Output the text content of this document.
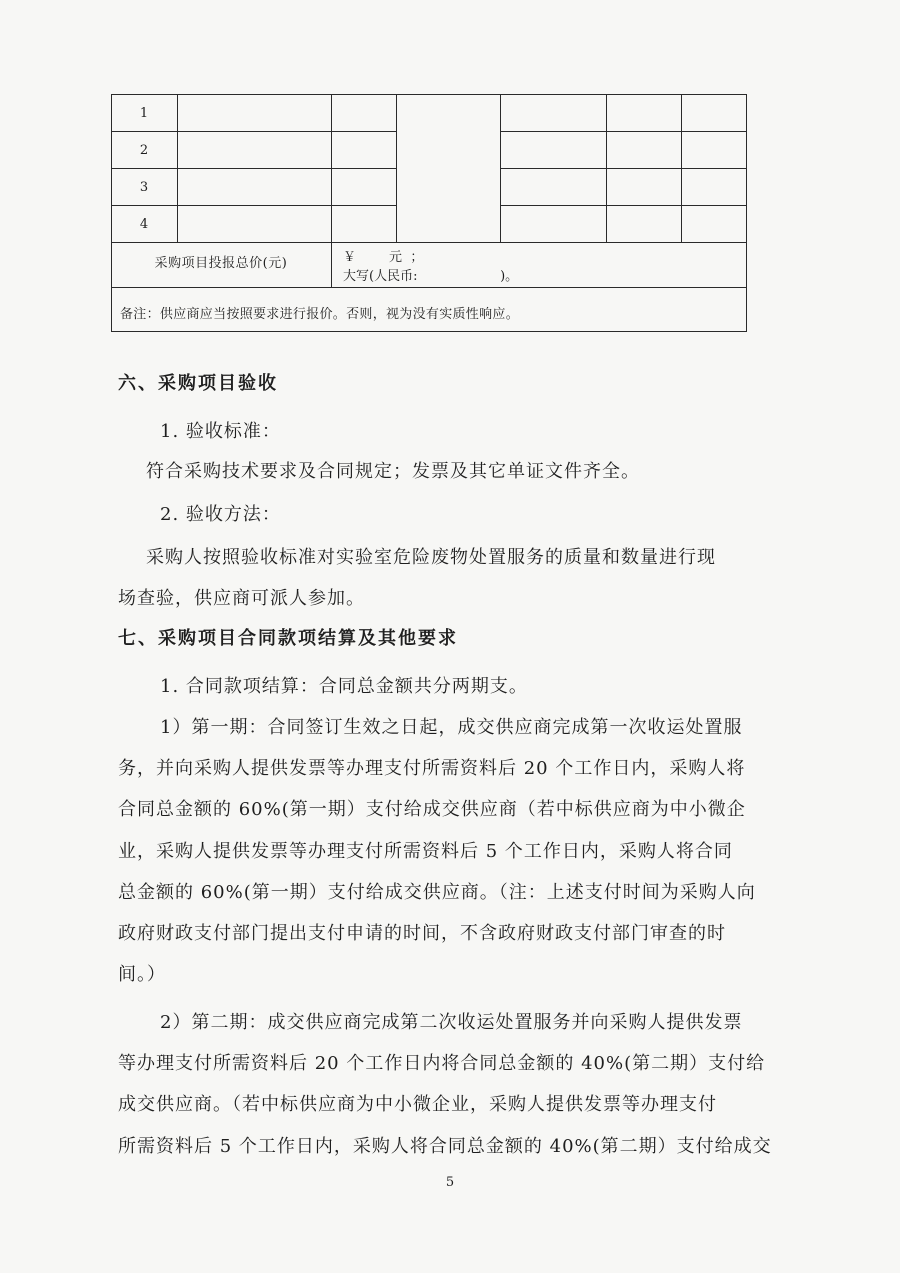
1
2
3
4
采购项目投报总价(元)	￥        元  ；
大写(人民币:                    )。
备注：供应商应当按照要求进行报价。否则，视为没有实质性响应。
六、采购项目验收
1. 验收标准：
符合采购技术要求及合同规定；发票及其它单证文件齐全。
2. 验收方法：
采购人按照验收标准对实验室危险废物处置服务的质量和数量进行现
场查验，供应商可派人参加。
七、采购项目合同款项结算及其他要求
1. 合同款项结算：合同总金额共分两期支。
1）第一期：合同签订生效之日起，成交供应商完成第一次收运处置服
务，并向采购人提供发票等办理支付所需资料后 20 个工作日内，采购人将
合同总金额的 60%(第一期）支付给成交供应商（若中标供应商为中小微企
业，采购人提供发票等办理支付所需资料后 5 个工作日内，采购人将合同
总金额的 60%(第一期）支付给成交供应商。（注：上述支付时间为采购人向
政府财政支付部门提出支付申请的时间，不含政府财政支付部门审查的时
间。）
2）第二期：成交供应商完成第二次收运处置服务并向采购人提供发票
等办理支付所需资料后 20 个工作日内将合同总金额的 40%(第二期）支付给
成交供应商。（若中标供应商为中小微企业，采购人提供发票等办理支付
所需资料后 5 个工作日内，采购人将合同总金额的 40%(第二期）支付给成交
5
